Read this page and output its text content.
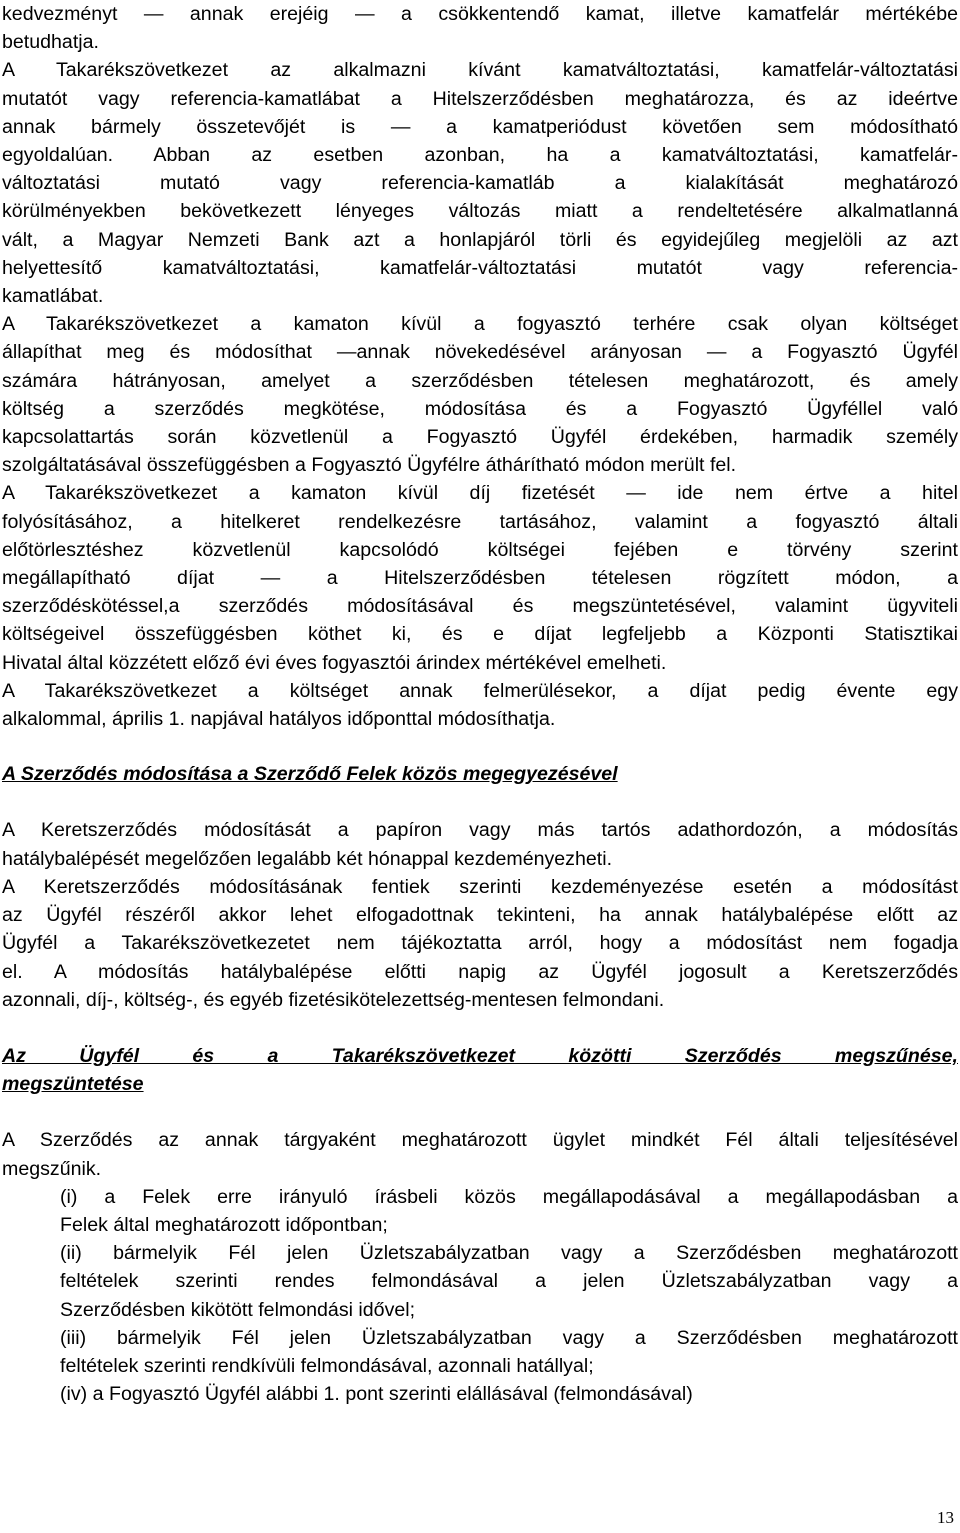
kedvezményt — annak erejéig — a csökkentendő kamat, illetve kamatfelár mértékébe
betudhatja.
A Takarékszövetkezet az alkalmazni kívánt kamatváltoztatási, kamatfelár-változtatási
mutatót vagy referencia-kamatlábat a Hitelszerződésben meghatározza, és az ideértve
annak bármely összetevőjét is — a kamatperiódust követően sem módosítható
egyoldalúan. Abban az esetben azonban, ha a kamatváltoztatási, kamatfelár-
változtatási mutató vagy referencia-kamatláb a kialakítását meghatározó
körülményekben bekövetkezett lényeges változás miatt a rendeltetésére alkalmatlanná
vált, a Magyar Nemzeti Bank azt a honlapjáról törli és egyidejűleg megjelöli az azt
helyettesítő kamatváltoztatási, kamatfelár-változtatási mutatót vagy referencia-
kamatlábat.
A Takarékszövetkezet a kamaton kívül a fogyasztó terhére csak olyan költséget
állapíthat meg és módosíthat —annak növekedésével arányosan — a Fogyasztó Ügyfél
számára hátrányosan, amelyet a szerződésben tételesen meghatározott, és amely
költség a szerződés megkötése, módosítása és a Fogyasztó Ügyféllel való
kapcsolattartás során közvetlenül a Fogyasztó Ügyfél érdekében, harmadik személy
szolgáltatásával összefüggésben a Fogyasztó Ügyfélre áthárítható módon merült fel.
A Takarékszövetkezet a kamaton kívül díj fizetését — ide nem értve a hitel
folyósításához, a hitelkeret rendelkezésre tartásához, valamint a fogyasztó általi
előtörlesztéshez közvetlenül kapcsolódó költségei fejében e törvény szerint
megállapítható díjat — a Hitelszerződésben tételesen rögzített módon, a
szerződéskötéssel,a szerződés módosításával és megszüntetésével, valamint ügyviteli
költségeivel összefüggésben köthet ki, és e díjat legfeljebb a Központi Statisztikai
Hivatal által közzétett előző évi éves fogyasztói árindex mértékével emelheti.
A Takarékszövetkezet a költséget annak felmerülésekor, a díjat pedig évente egy
alkalommal, április 1. napjával hatályos időponttal módosíthatja.

A Szerződés módosítása a Szerződő Felek közös megegyezésével

A Keretszerződés módosítását a papíron vagy más tartós adathordozón, a módosítás
hatálybalépését megelőzően legalább két hónappal kezdeményezheti.
A Keretszerződés módosításának fentiek szerinti kezdeményezése esetén a módosítást
az Ügyfél részéről akkor lehet elfogadottnak tekinteni, ha annak hatálybalépése előtt az
Ügyfél a Takarékszövetkezetet nem tájékoztatta arról, hogy a módosítást nem fogadja
el. A módosítás hatálybalépése előtti napig az Ügyfél jogosult a Keretszerződés
azonnali, díj-, költség-, és egyéb fizetésikötelezettség-mentesen felmondani.
Az Ügyfél és a Takarékszövetkezet közötti Szerződés megszűnése,
megszüntetése
A Szerződés az annak tárgyaként meghatározott ügylet mindkét Fél általi teljesítésével
megszűnik.
(i) a Felek erre irányuló írásbeli közös megállapodásával a megállapodásban a
Felek által meghatározott időpontban;
(ii) bármelyik Fél jelen Üzletszabályzatban vagy a Szerződésben meghatározott
feltételek szerinti rendes felmondásával a jelen Üzletszabályzatban vagy a
Szerződésben kikötött felmondási idővel;
(iii) bármelyik Fél jelen Üzletszabályzatban vagy a Szerződésben meghatározott
feltételek szerinti rendkívüli felmondásával, azonnali hatállyal;
(iv) a Fogyasztó Ügyfél alábbi 1. pont szerinti elállásával (felmondásával)
13
